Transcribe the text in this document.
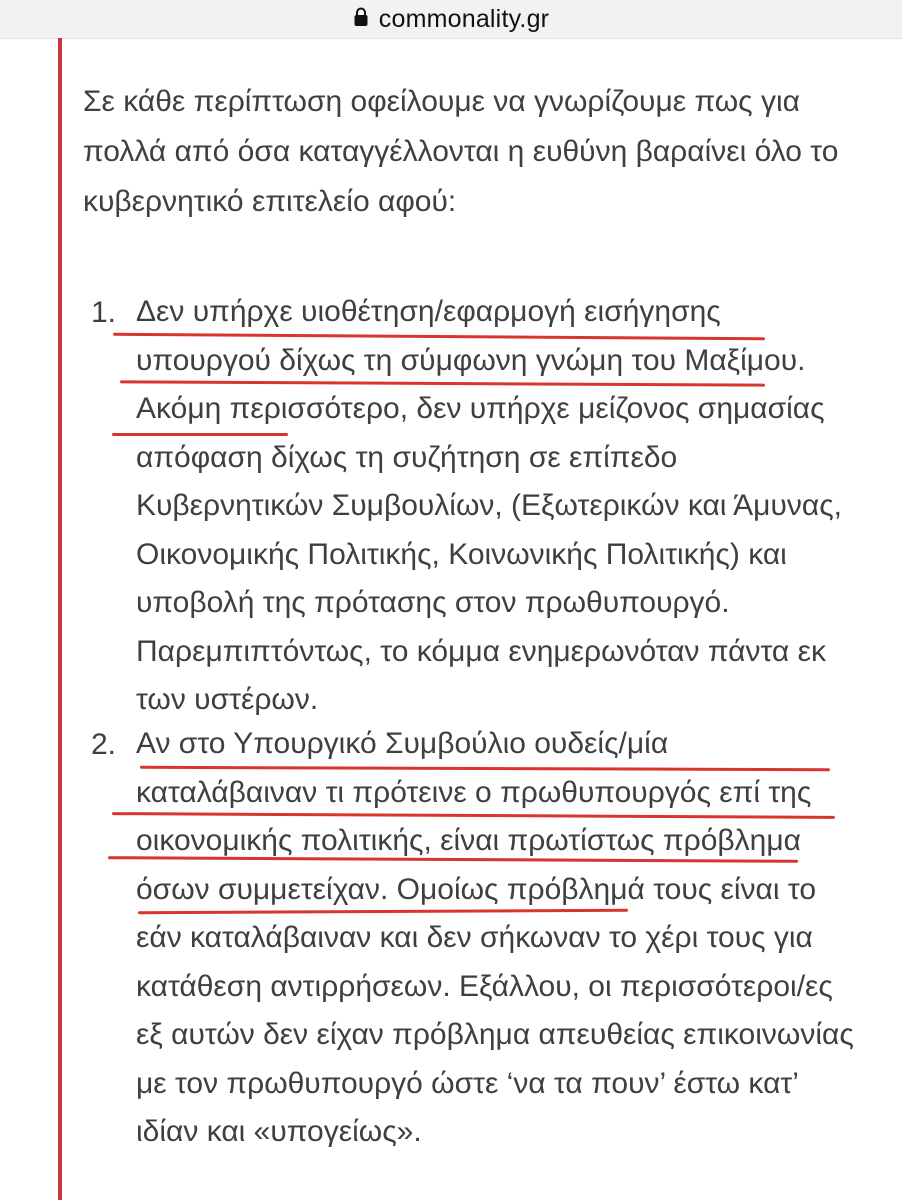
commonality.gr

Σε κάθε περίπτωση οφείλουμε να γνωρίζουμε πως για πολλά από όσα καταγγέλλονται η ευθύνη βαραίνει όλο το κυβερνητικό επιτελείο αφού:

1. Δεν υπήρχε υιοθέτηση/εφαρμογή εισήγησης υπουργού δίχως τη σύμφωνη γνώμη του Μαξίμου. Ακόμη περισσότερο, δεν υπήρχε μείζονος σημασίας απόφαση δίχως τη συζήτηση σε επίπεδο Κυβερνητικών Συμβουλίων, (Εξωτερικών και Άμυνας, Οικονομικής Πολιτικής, Κοινωνικής Πολιτικής) και υποβολή της πρότασης στον πρωθυπουργό. Παρεμπιπτόντως, το κόμμα ενημερωνόταν πάντα εκ των υστέρων.

2. Αν στο Υπουργικό Συμβούλιο ουδείς/μία καταλάβαιναν τι πρότεινε ο πρωθυπουργός επί της οικονομικής πολιτικής, είναι πρωτίστως πρόβλημα όσων συμμετείχαν. Ομοίως πρόβλημά τους είναι το εάν καταλάβαιναν και δεν σήκωναν το χέρι τους για κατάθεση αντιρρήσεων. Εξάλλου, οι περισσότεροι/ες εξ αυτών δεν είχαν πρόβλημα απευθείας επικοινωνίας με τον πρωθυπουργό ώστε ‘να τα πουν’ έστω κατ’ ιδίαν και «υπογείως».
